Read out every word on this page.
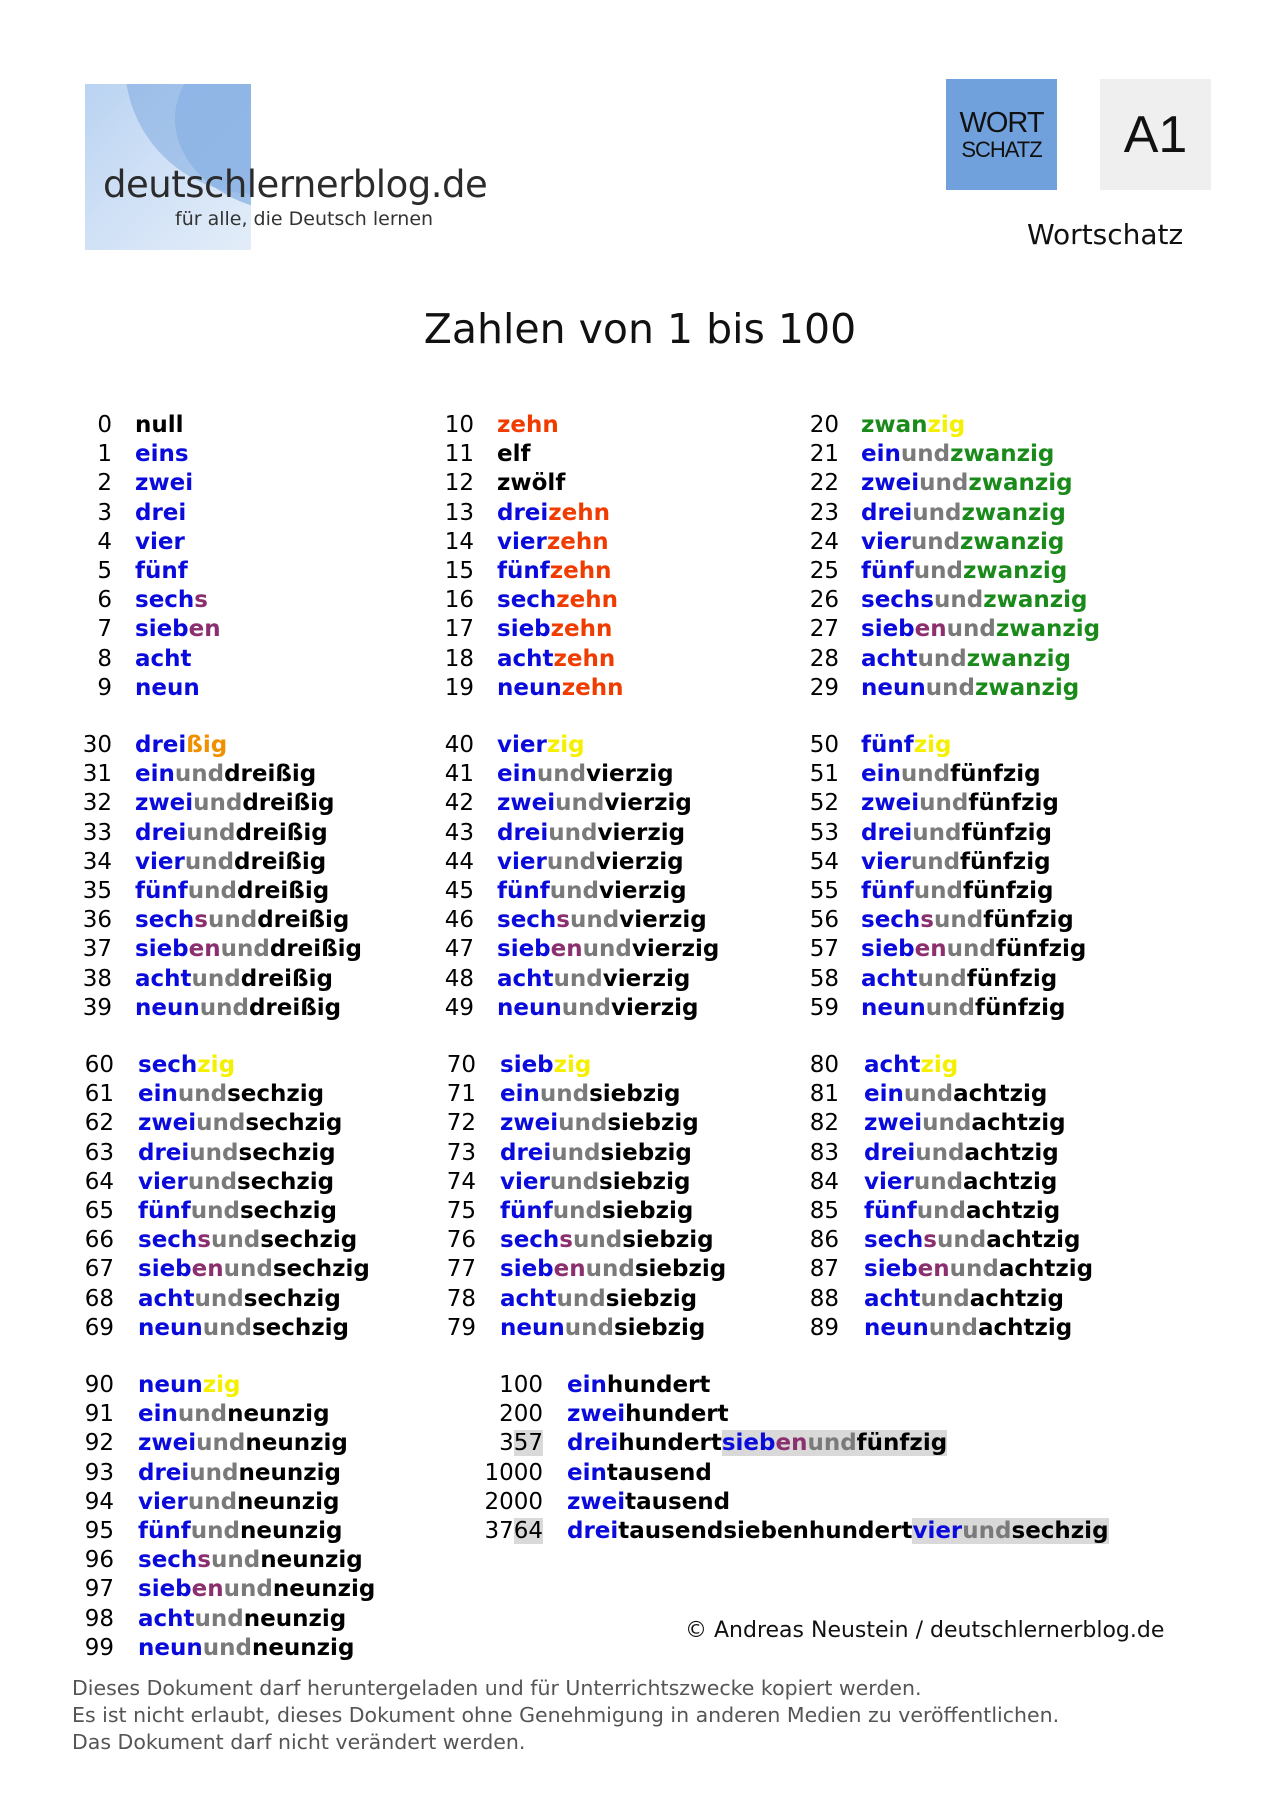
deutschlernerblog.de
für alle, die Deutsch lernen
WORT
SCHATZ	A1
Wortschatz
Zahlen von 1 bis 100
0 null
1 eins
2 zwei
3 drei
4 vier
5 fünf
6 sechs
7 sieben
8 acht
9 neun
10 zehn
11 elf
12 zwölf
13 dreizehn
14 vierzehn
15 fünfzehn
16 sechzehn
17 siebzehn
18 achtzehn
19 neunzehn
20 zwanzig
21 einundzwanzig
22 zweiundzwanzig
23 dreiundzwanzig
24 vierundzwanzig
25 fünfundzwanzig
26 sechsundzwanzig
27 siebenundzwanzig
28 achtundzwanzig
29 neunundzwanzig
30 dreißig
31 einunddreißig
32 zweiunddreißig
33 dreiunddreißig
34 vierunddreißig
35 fünfunddreißig
36 sechsunddreißig
37 siebenunddreißig
38 achtunddreißig
39 neununddreißig
40 vierzig
41 einundvierzig
42 zweiundvierzig
43 dreiundvierzig
44 vierundvierzig
45 fünfundvierzig
46 sechsundvierzig
47 siebenundvierzig
48 achtundvierzig
49 neunundvierzig
50 fünfzig
51 einundfünfzig
52 zweiundfünfzig
53 dreiundfünfzig
54 vierundfünfzig
55 fünfundfünfzig
56 sechsundfünfzig
57 siebenundfünfzig
58 achtundfünfzig
59 neunundfünfzig
60 sechzig
61 einundsechzig
62 zweiundsechzig
63 dreiundsechzig
64 vierundsechzig
65 fünfundsechzig
66 sechsundsechzig
67 siebenundsechzig
68 achtundsechzig
69 neunundsechzig
70 siebzig
71 einundsiebzig
72 zweiundsiebzig
73 dreiundsiebzig
74 vierundsiebzig
75 fünfundsiebzig
76 sechsundsiebzig
77 siebenundsiebzig
78 achtundsiebzig
79 neunundsiebzig
80 achtzig
81 einundachtzig
82 zweiundachtzig
83 dreiundachtzig
84 vierundachtzig
85 fünfundachtzig
86 sechsundachtzig
87 siebenundachtzig
88 achtundachtzig
89 neunundachtzig
90 neunzig
91 einundneunzig
92 zweiundneunzig
93 dreiundneunzig
94 vierundneunzig
95 fünfundneunzig
96 sechsundneunzig
97 siebenundneunzig
98 achtundneunzig
99 neunundneunzig
100 einhundert
200 zweihundert
357 dreihundertsiebenundfünfzig
1000 eintausend
2000 zweitausend
3764 dreitausendsiebenhundertvierundsechzig
© Andreas Neustein / deutschlernerblog.de
Dieses Dokument darf heruntergeladen und für Unterrichtszwecke kopiert werden.
Es ist nicht erlaubt, dieses Dokument ohne Genehmigung in anderen Medien zu veröffentlichen.
Das Dokument darf nicht verändert werden.
